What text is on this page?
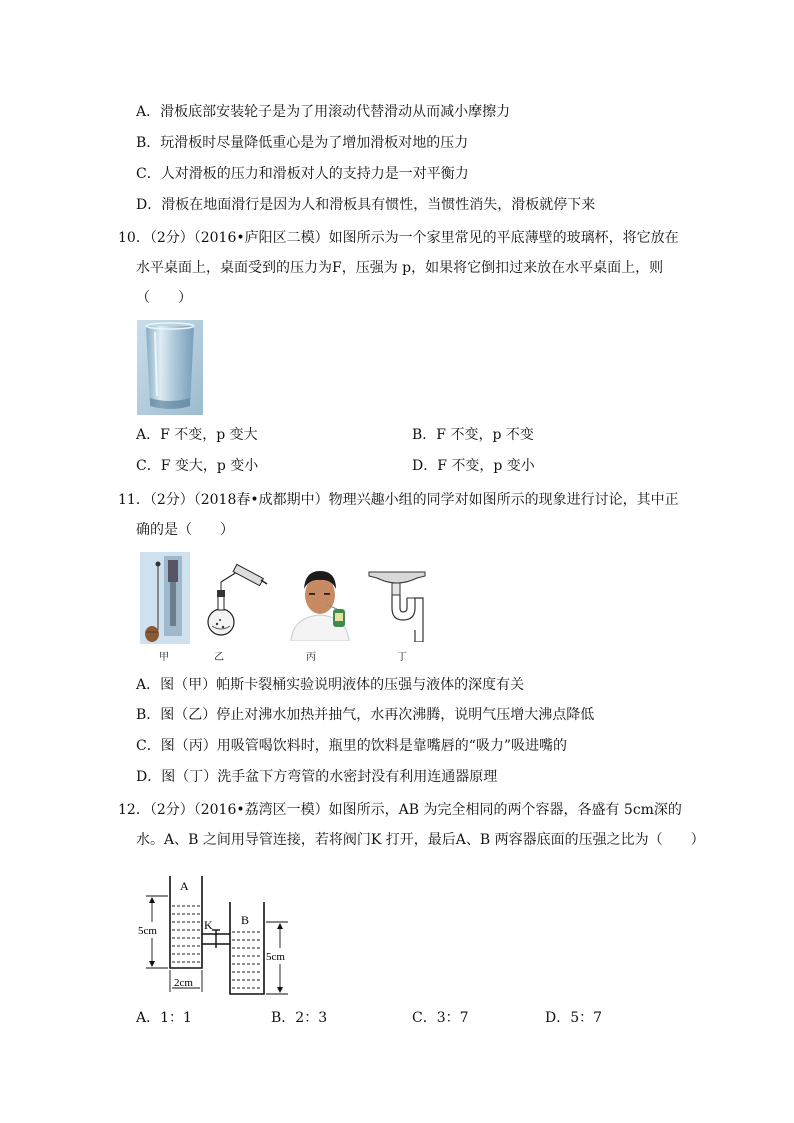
A．滑板底部安装轮子是为了用滚动代替滑动从而减小摩擦力
B．玩滑板时尽量降低重心是为了增加滑板对地的压力
C．人对滑板的压力和滑板对人的支持力是一对平衡力
D．滑板在地面滑行是因为人和滑板具有惯性，当惯性消失，滑板就停下来
10．（2分）（2016•庐阳区二模）如图所示为一个家里常见的平底薄壁的玻璃杯，将它放在
水平桌面上，桌面受到的压力为F，压强为 p，如果将它倒扣过来放在水平桌面上，则
（　　）
A．F 不变，p 变大	B．F 不变，p 不变
C．F 变大，p 变小	D．F 不变，p 变小
11．（2分）（2018春•成都期中）物理兴趣小组的同学对如图所示的现象进行讨论，其中正
确的是（　　）
甲	乙	丙	丁
A．图（甲）帕斯卡裂桶实验说明液体的压强与液体的深度有关
B．图（乙）停止对沸水加热并抽气，水再次沸腾，说明气压增大沸点降低
C．图（丙）用吸管喝饮料时，瓶里的饮料是靠嘴唇的“吸力”吸进嘴的
D．图（丁）洗手盆下方弯管的水密封没有利用连通器原理
12．（2分）（2016•荔湾区一模）如图所示，AB 为完全相同的两个容器，各盛有 5cm深的
水。A、B 之间用导管连接，若将阀门K 打开，最后A、B 两容器底面的压强之比为（　　）
A
B
K
5cm
5cm
2cm
A．1：1	B．2：3	C．3：7	D．5：7
